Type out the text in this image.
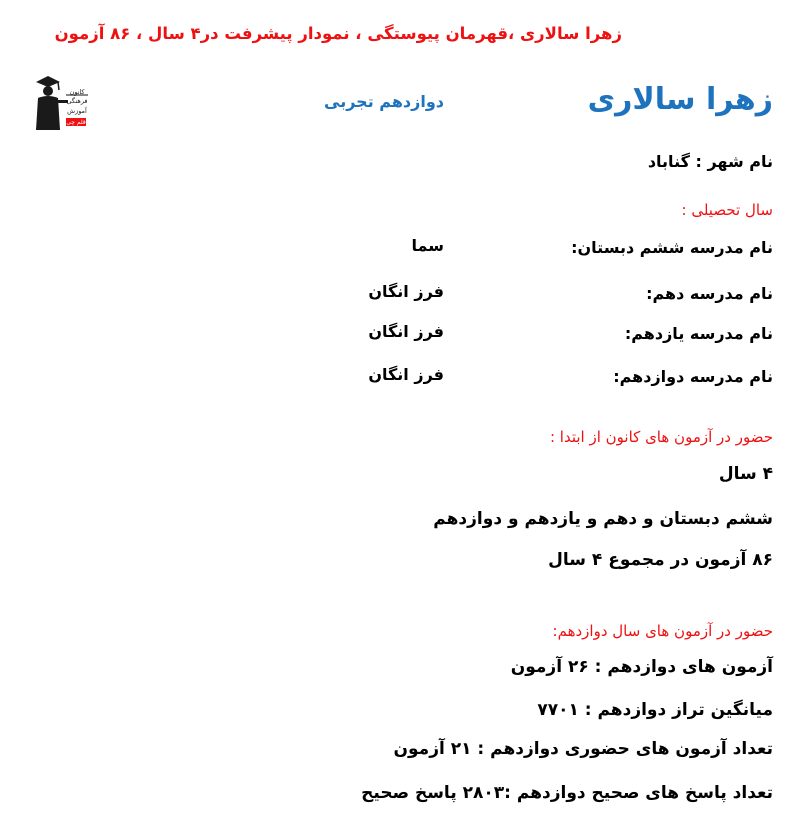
زهرا سالاری ،قهرمان پیوستگی ، نمودار پیشرفت در۴ سال ، ۸۶ آزمون
کانون
فرهنگی
آموزش
قلم چی
دوازدهم تجربی	زهرا سالاری
نام شهر : گناباد
سال تحصیلی :
نام مدرسه ششم دبستان:
سما
نام مدرسه دهم:
فرز انگان
نام مدرسه یازدهم:
فرز انگان
نام مدرسه دوازدهم:
فرز انگان
حضور در آزمون های کانون از ابتدا :
۴ سال
ششم دبستان و دهم و یازدهم و دوازدهم
۸۶ آزمون در مجموع ۴ سال
حضور در آزمون های سال دوازدهم:
آزمون های دوازدهم : ۲۶ آزمون
میانگین تراز دوازدهم : ۷۷۰۱
تعداد آزمون های حضوری دوازدهم : ۲۱ آزمون
تعداد پاسخ های صحیح دوازدهم :۲۸۰۳ پاسخ صحیح
